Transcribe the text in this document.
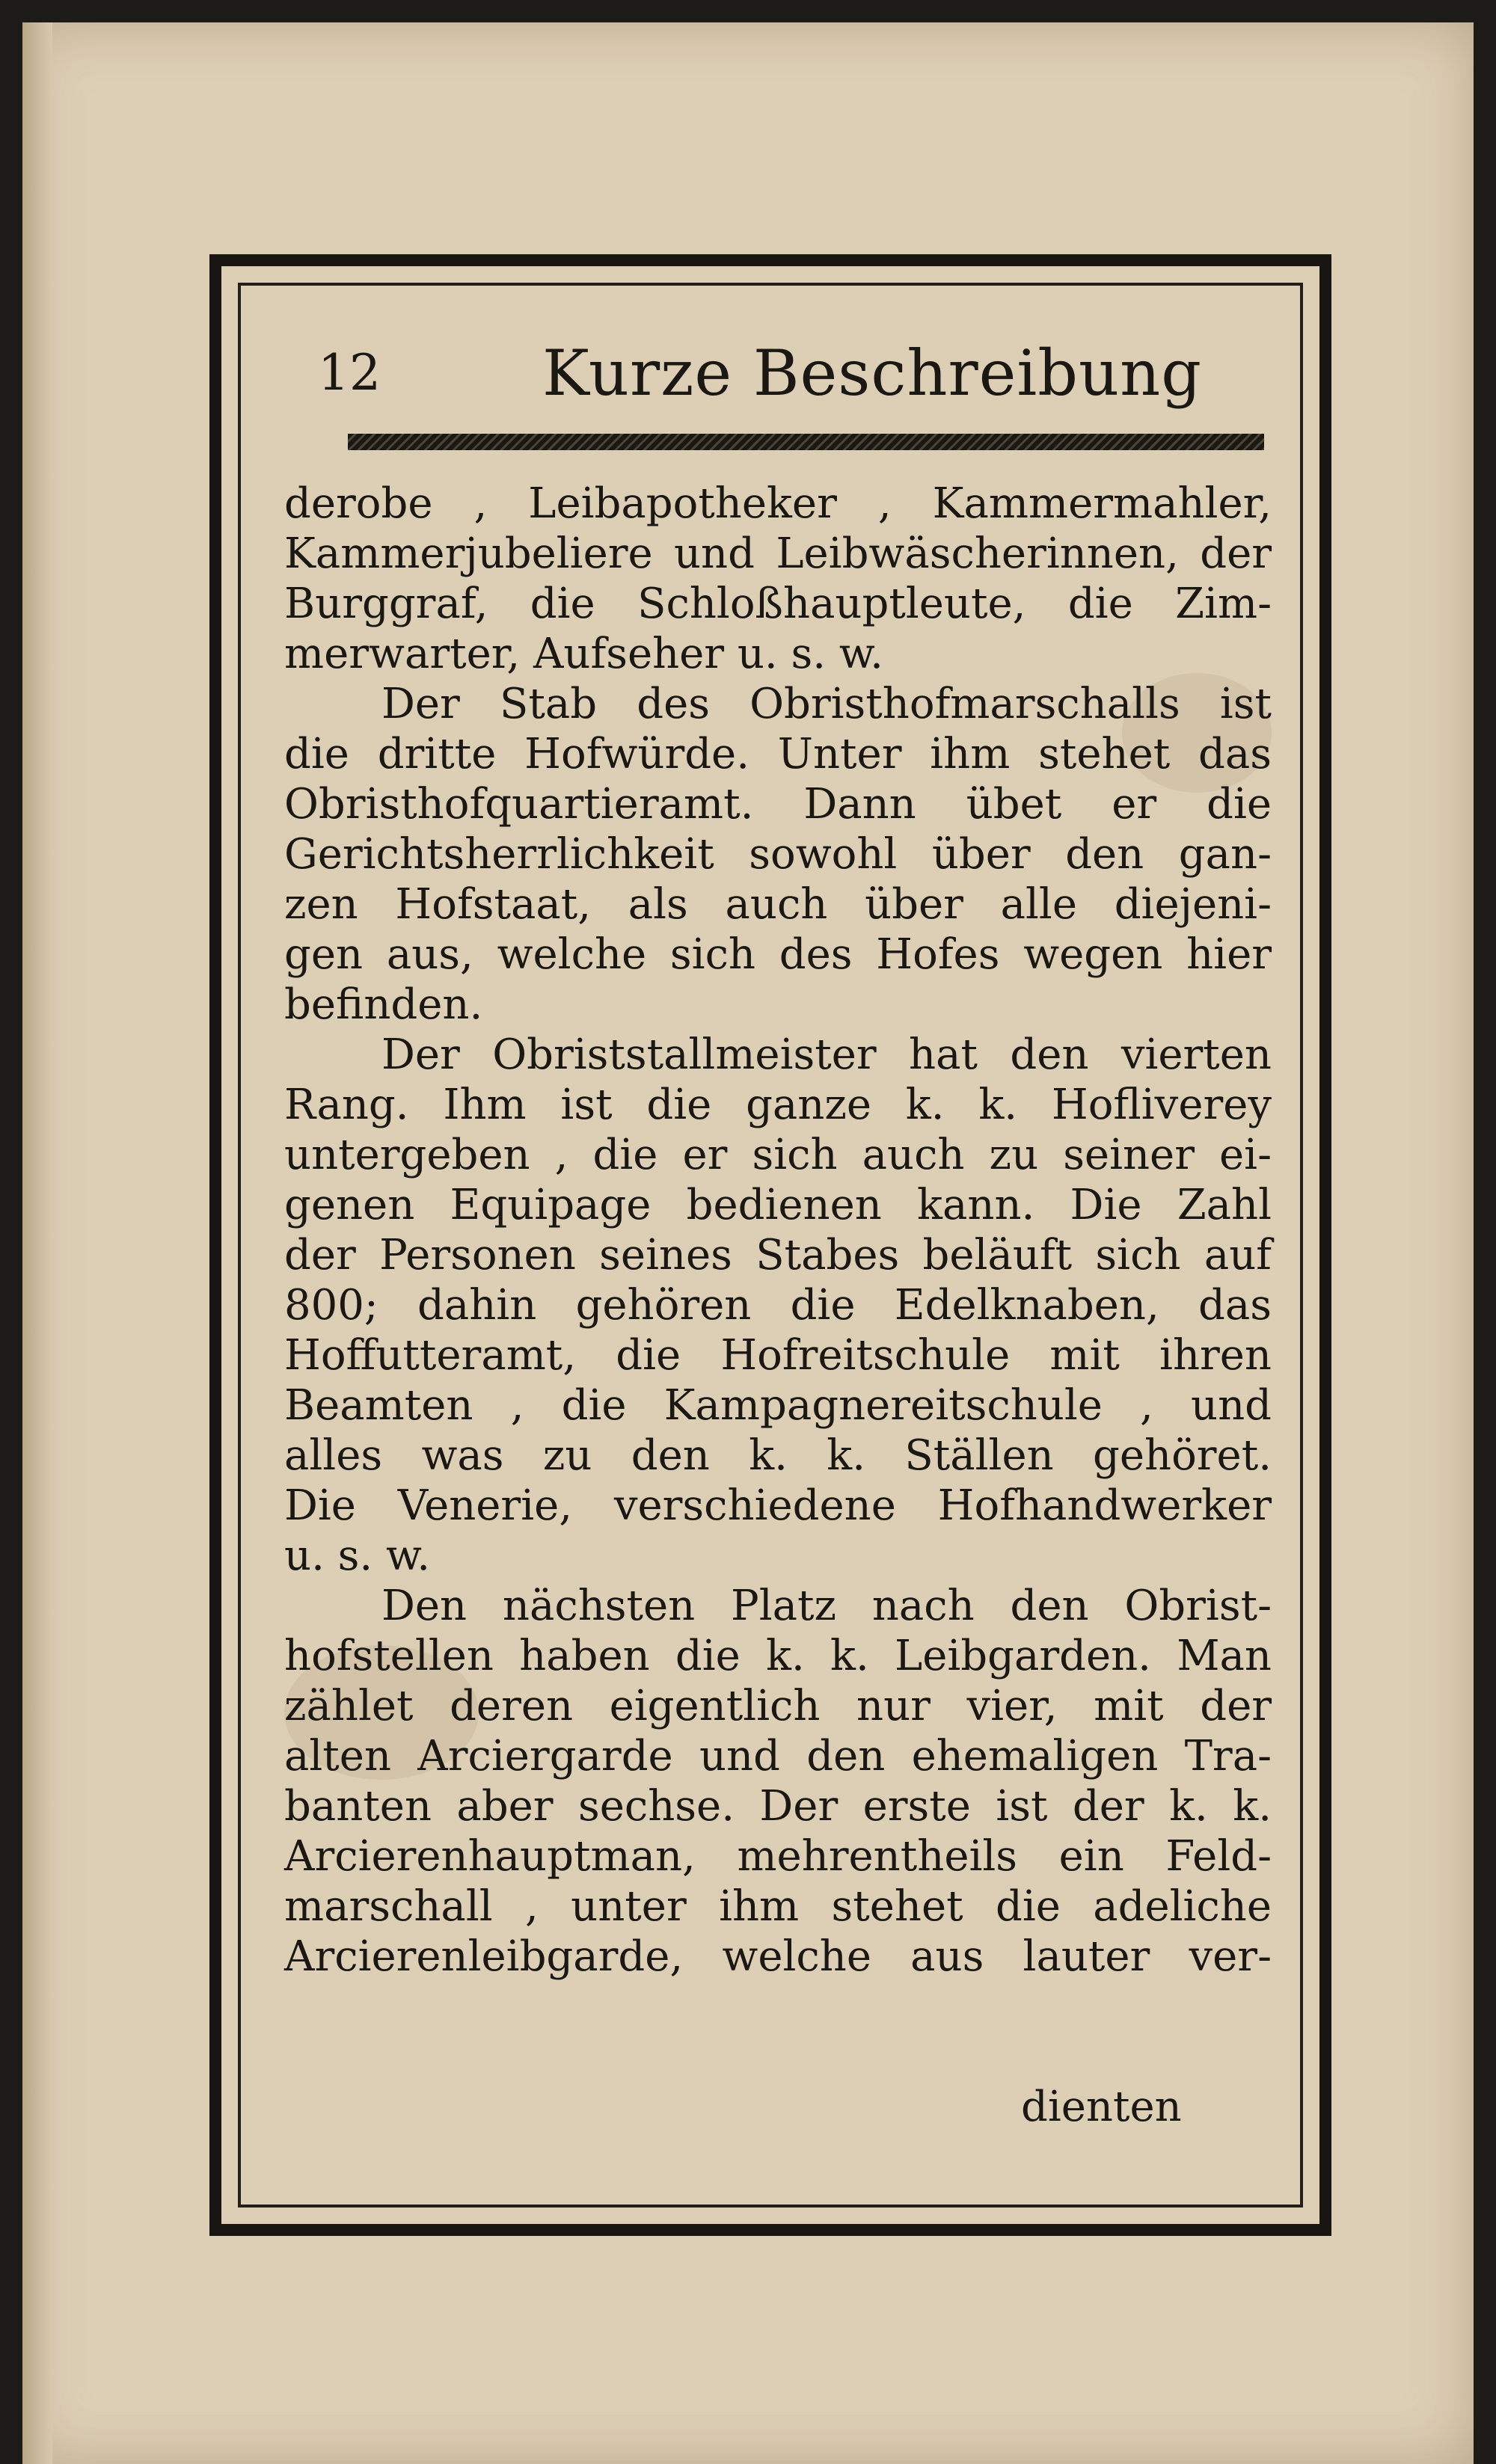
12	Kurze Beschreibung
derobe , Leibapotheker , Kammermahler,
Kammerjubeliere und Leibwäscherinnen, der
Burggraf, die Schloßhauptleute, die Zim-
merwarter, Aufseher u. s. w.
Der Stab des Obristhofmarschalls ist
die dritte Hofwürde. Unter ihm stehet das
Obristhofquartieramt. Dann übet er die
Gerichtsherrlichkeit sowohl über den gan-
zen Hofstaat, als auch über alle diejeni-
gen aus, welche sich des Hofes wegen hier
befinden.
Der Obriststallmeister hat den vierten
Rang. Ihm ist die ganze k. k. Hofliverey
untergeben , die er sich auch zu seiner ei-
genen Equipage bedienen kann. Die Zahl
der Personen seines Stabes beläuft sich auf
800; dahin gehören die Edelknaben, das
Hoffutteramt, die Hofreitschule mit ihren
Beamten , die Kampagnereitschule , und
alles was zu den k. k. Ställen gehöret.
Die Venerie, verschiedene Hofhandwerker
u. s. w.
Den nächsten Platz nach den Obrist-
hofstellen haben die k. k. Leibgarden. Man
zählet deren eigentlich nur vier, mit der
alten Arciergarde und den ehemaligen Tra-
banten aber sechse. Der erste ist der k. k.
Arcierenhauptman, mehrentheils ein Feld-
marschall , unter ihm stehet die adeliche
Arcierenleibgarde, welche aus lauter ver-
dienten
